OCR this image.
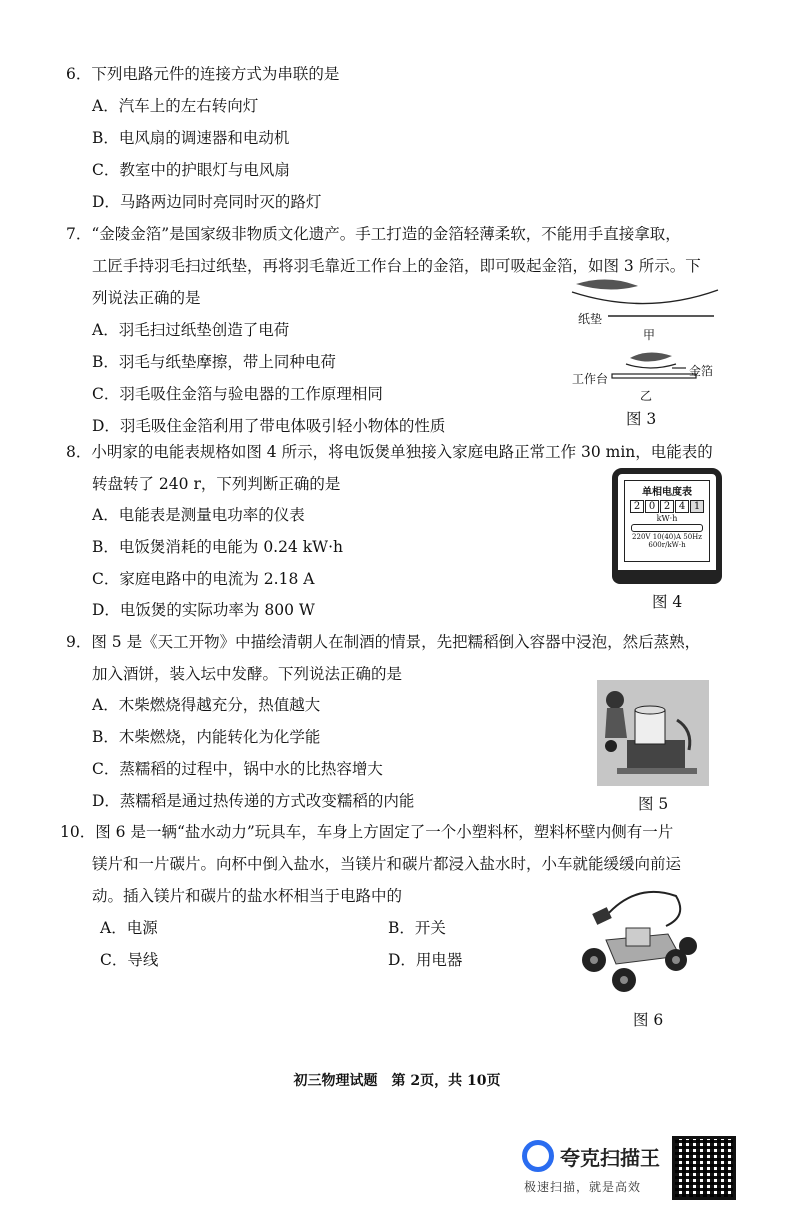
6．下列电路元件的连接方式为串联的是
A．汽车上的左右转向灯
B．电风扇的调速器和电动机
C．教室中的护眼灯与电风扇
D．马路两边同时亮同时灭的路灯
7．“金陵金箔”是国家级非物质文化遗产。手工打造的金箔轻薄柔软，不能用手直接拿取，
工匠手持羽毛扫过纸垫，再将羽毛靠近工作台上的金箔，即可吸起金箔，如图 3 所示。下
列说法正确的是
A．羽毛扫过纸垫创造了电荷
B．羽毛与纸垫摩擦，带上同种电荷
C．羽毛吸住金箔与验电器的工作原理相同
D．羽毛吸住金箔利用了带电体吸引轻小物体的性质
纸垫
甲
工作台
金箔
乙
图 3
8．小明家的电能表规格如图 4 所示，将电饭煲单独接入家庭电路正常工作 30 min，电能表的
转盘转了 240 r，下列判断正确的是
A．电能表是测量电功率的仪表
B．电饭煲消耗的电能为 0.24 kW·h
C．家庭电路中的电流为 2.18 A
D．电饭煲的实际功率为 800 W
单相电度表
2 0 2 4 1
kW·h
220V 10(40)A 50Hz
600r/kW·h
图 4
9．图 5 是《天工开物》中描绘清朝人在制酒的情景，先把糯稻倒入容器中浸泡，然后蒸熟，
加入酒饼，装入坛中发酵。下列说法正确的是
A．木柴燃烧得越充分，热值越大
B．木柴燃烧，内能转化为化学能
C．蒸糯稻的过程中，锅中水的比热容增大
D．蒸糯稻是通过热传递的方式改变糯稻的内能	图 5
10．图 6 是一辆“盐水动力”玩具车，车身上方固定了一个小塑料杯，塑料杯壁内侧有一片
镁片和一片碳片。向杯中倒入盐水，当镁片和碳片都浸入盐水时，小车就能缓缓向前运
动。插入镁片和碳片的盐水杯相当于电路中的
A．电源	B．开关
C．导线	D．用电器
图 6
初三物理试题　第 2页，共 10页
夸克扫描王
极速扫描，就是高效
